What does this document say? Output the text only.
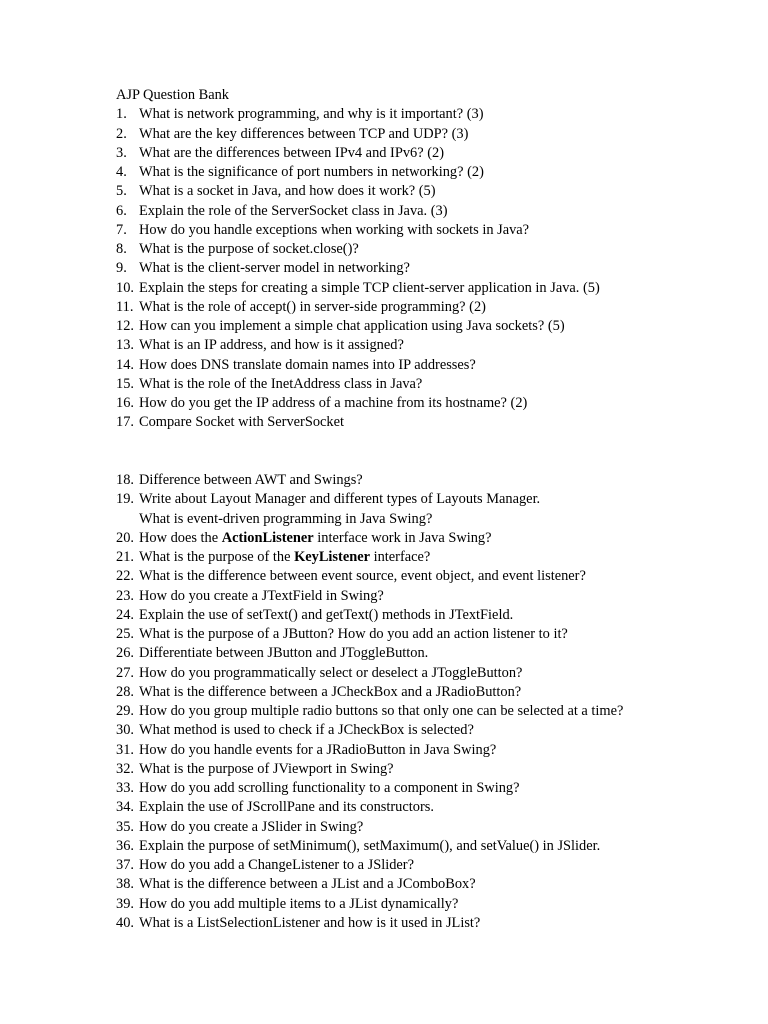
AJP Question Bank
1. What is network programming, and why is it important? (3)
2. What are the key differences between TCP and UDP? (3)
3. What are the differences between IPv4 and IPv6? (2)
4. What is the significance of port numbers in networking? (2)
5. What is a socket in Java, and how does it work? (5)
6. Explain the role of the ServerSocket class in Java. (3)
7. How do you handle exceptions when working with sockets in Java?
8. What is the purpose of socket.close()?
9. What is the client-server model in networking?
10. Explain the steps for creating a simple TCP client-server application in Java. (5)
11. What is the role of accept() in server-side programming? (2)
12. How can you implement a simple chat application using Java sockets? (5)
13. What is an IP address, and how is it assigned?
14. How does DNS translate domain names into IP addresses?
15. What is the role of the InetAddress class in Java?
16. How do you get the IP address of a machine from its hostname? (2)
17. Compare Socket with ServerSocket
18. Difference between AWT and Swings?
19. Write about Layout Manager and different types of Layouts Manager.
What is event-driven programming in Java Swing?
20. How does the ActionListener interface work in Java Swing?
21. What is the purpose of the KeyListener interface?
22. What is the difference between event source, event object, and event listener?
23. How do you create a JTextField in Swing?
24. Explain the use of setText() and getText() methods in JTextField.
25. What is the purpose of a JButton? How do you add an action listener to it?
26. Differentiate between JButton and JToggleButton.
27. How do you programmatically select or deselect a JToggleButton?
28. What is the difference between a JCheckBox and a JRadioButton?
29. How do you group multiple radio buttons so that only one can be selected at a time?
30. What method is used to check if a JCheckBox is selected?
31. How do you handle events for a JRadioButton in Java Swing?
32. What is the purpose of JViewport in Swing?
33. How do you add scrolling functionality to a component in Swing?
34. Explain the use of JScrollPane and its constructors.
35. How do you create a JSlider in Swing?
36. Explain the purpose of setMinimum(), setMaximum(), and setValue() in JSlider.
37. How do you add a ChangeListener to a JSlider?
38. What is the difference between a JList and a JComboBox?
39. How do you add multiple items to a JList dynamically?
40. What is a ListSelectionListener and how is it used in JList?
